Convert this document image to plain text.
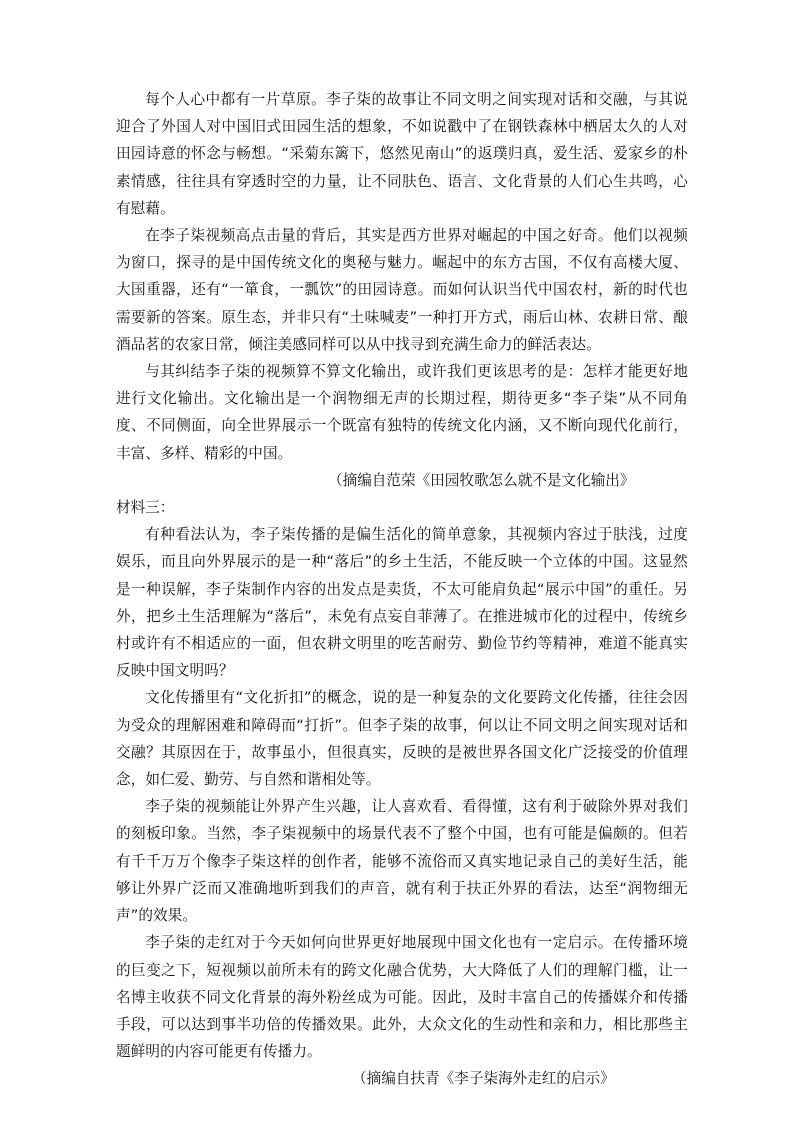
每个人心中都有一片草原。李子柒的故事让不同文明之间实现对话和交融，与其说迎合了外国人对中国旧式田园生活的想象，不如说戳中了在钢铁森林中栖居太久的人对田园诗意的怀念与畅想。“采菊东篱下，悠然见南山”的返璞归真，爱生活、爱家乡的朴素情感，往往具有穿透时空的力量，让不同肤色、语言、文化背景的人们心生共鸣，心有慰藉。

在李子柒视频高点击量的背后，其实是西方世界对崛起的中国之好奇。他们以视频为窗口，探寻的是中国传统文化的奥秘与魅力。崛起中的东方古国，不仅有高楼大厦、大国重器，还有“一箪食，一瓢饮”的田园诗意。而如何认识当代中国农村，新的时代也需要新的答案。原生态，并非只有“土味喊麦”一种打开方式，雨后山林、农耕日常、酿酒品茗的农家日常，倾注美感同样可以从中找寻到充满生命力的鲜活表达。

与其纠结李子柒的视频算不算文化输出，或许我们更该思考的是：怎样才能更好地进行文化输出。文化输出是一个润物细无声的长期过程，期待更多“李子柒”从不同角度、不同侧面，向全世界展示一个既富有独特的传统文化内涵，又不断向现代化前行，丰富、多样、精彩的中国。

（摘编自范荣《田园牧歌怎么就不是文化输出》

材料三：

有种看法认为，李子柒传播的是偏生活化的简单意象，其视频内容过于肤浅，过度娱乐，而且向外界展示的是一种“落后”的乡土生活，不能反映一个立体的中国。这显然是一种误解，李子柒制作内容的出发点是卖货，不太可能肩负起“展示中国”的重任。另外，把乡土生活理解为“落后”，未免有点妄自菲薄了。在推进城市化的过程中，传统乡村或许有不相适应的一面，但农耕文明里的吃苦耐劳、勤俭节约等精神，难道不能真实反映中国文明吗？

文化传播里有“文化折扣”的概念，说的是一种复杂的文化要跨文化传播，往往会因为受众的理解困难和障碍而“打折”。但李子柒的故事，何以让不同文明之间实现对话和交融？其原因在于，故事虽小，但很真实，反映的是被世界各国文化广泛接受的价值理念，如仁爱、勤劳、与自然和谐相处等。

李子柒的视频能让外界产生兴趣，让人喜欢看、看得懂，这有利于破除外界对我们的刻板印象。当然，李子柒视频中的场景代表不了整个中国，也有可能是偏颇的。但若有千千万万个像李子柒这样的创作者，能够不流俗而又真实地记录自己的美好生活，能够让外界广泛而又准确地听到我们的声音，就有利于扶正外界的看法，达至“润物细无声”的效果。

李子柒的走红对于今天如何向世界更好地展现中国文化也有一定启示。在传播环境的巨变之下，短视频以前所未有的跨文化融合优势，大大降低了人们的理解门槛，让一名博主收获不同文化背景的海外粉丝成为可能。因此，及时丰富自己的传播媒介和传播手段，可以达到事半功倍的传播效果。此外，大众文化的生动性和亲和力，相比那些主题鲜明的内容可能更有传播力。

（摘编自扶青《李子柒海外走红的启示》
